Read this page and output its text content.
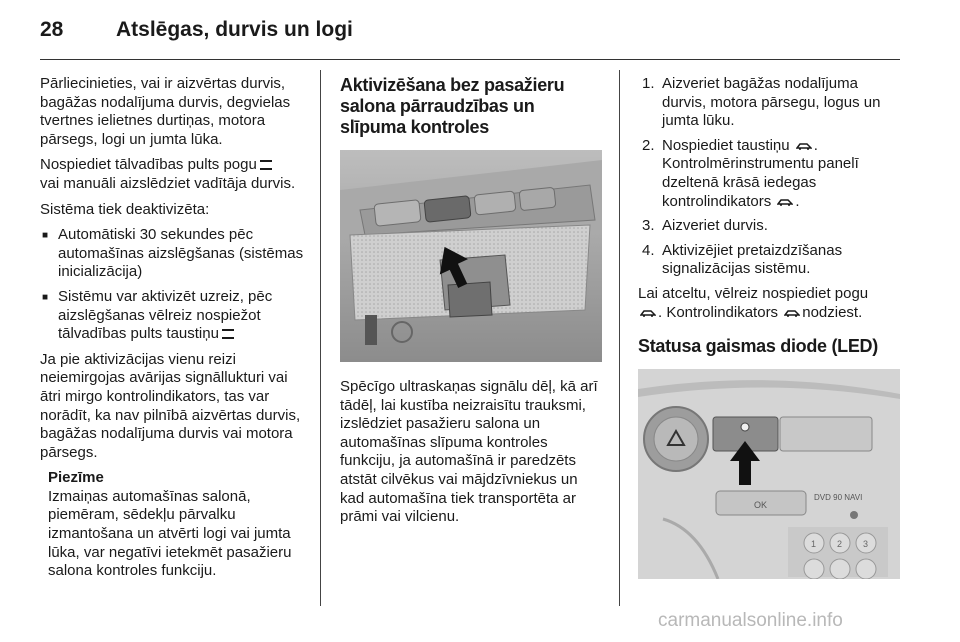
28	Atslēgas, durvis un logi

Pārliecinieties, vai ir aizvērtas durvis, bagāžas nodalījuma durvis, degvielas tvertnes ielietnes durtiņas, motora pārsegs, logi un jumta lūka.

Nospiediet tālvadības pults pogu
vai manuāli aizslēdziet vadītāja durvis.

Sistēma tiek deaktivizēta:

■ Automātiski 30 sekundes pēc automašīnas aizslēgšanas (sistēmas inicializācija)
■ Sistēmu var aktivizēt uzreiz, pēc aizslēgšanas vēlreiz nospiežot tālvadības pults taustiņu

Ja pie aktivizācijas vienu reizi neiemirgojas avārijas signāllukturi vai ātri mirgo kontrolindikators, tas var norādīt, ka nav pilnībā aizvērtas durvis, bagāžas nodalījuma durvis vai motora pārsegs.

Piezīme

Izmaiņas automašīnas salonā, piemēram, sēdekļu pārvalku izmantošana un atvērti logi vai jumta lūka, var negatīvi ietekmēt pasažieru salona kontroles funkciju.

Aktivizēšana bez pasažieru salona pārraudzības un slīpuma kontroles

Spēcīgo ultraskaņas signālu dēļ, kā arī tādēļ, lai kustība neizraisītu trauksmi, izslēdziet pasažieru salona un automašīnas slīpuma kontroles funkciju, ja automašīnā ir paredzēts atstāt cilvēkus vai mājdzīvniekus un kad automašīna tiek transportēta ar prāmi vai vilcienu.

1. Aizveriet bagāžas nodalījuma durvis, motora pārsegu, logus un jumta lūku.
2. Nospiediet taustiņu .
Kontrolmērinstrumentu panelī dzeltenā krāsā iedegas kontrolindikators .
3. Aizveriet durvis.
4. Aktivizējiet pretaizdzīšanas signalizācijas sistēmu.

Lai atceltu, vēlreiz nospiediet pogu
. Kontrolindikators nodziest.

Statusa gaismas diode (LED)
OK
DVD 90 NAVI
1 2 3
carmanualsonline.info
